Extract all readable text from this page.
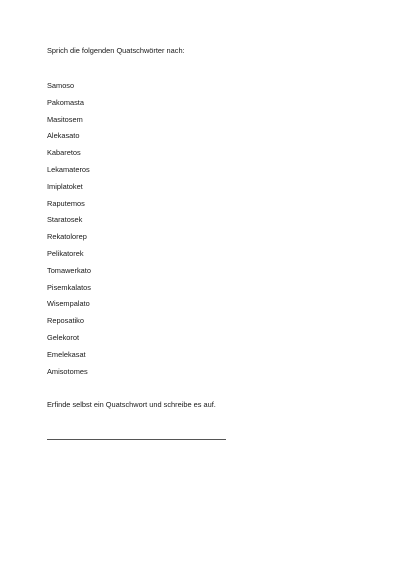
Sprich die folgenden Quatschwörter nach:
Samoso
Pakomasta
Masitosem
Alekasato
Kabaretos
Lekamateros
Imiplatoket
Raputemos
Staratosek
Rekatolorep
Pelikatorek
Tomawerkato
Pisemkalatos
Wisempalato
Reposatiko
Gelekorot
Emelekasat
Amisotomes
Erfinde selbst ein Quatschwort und schreibe es auf.
